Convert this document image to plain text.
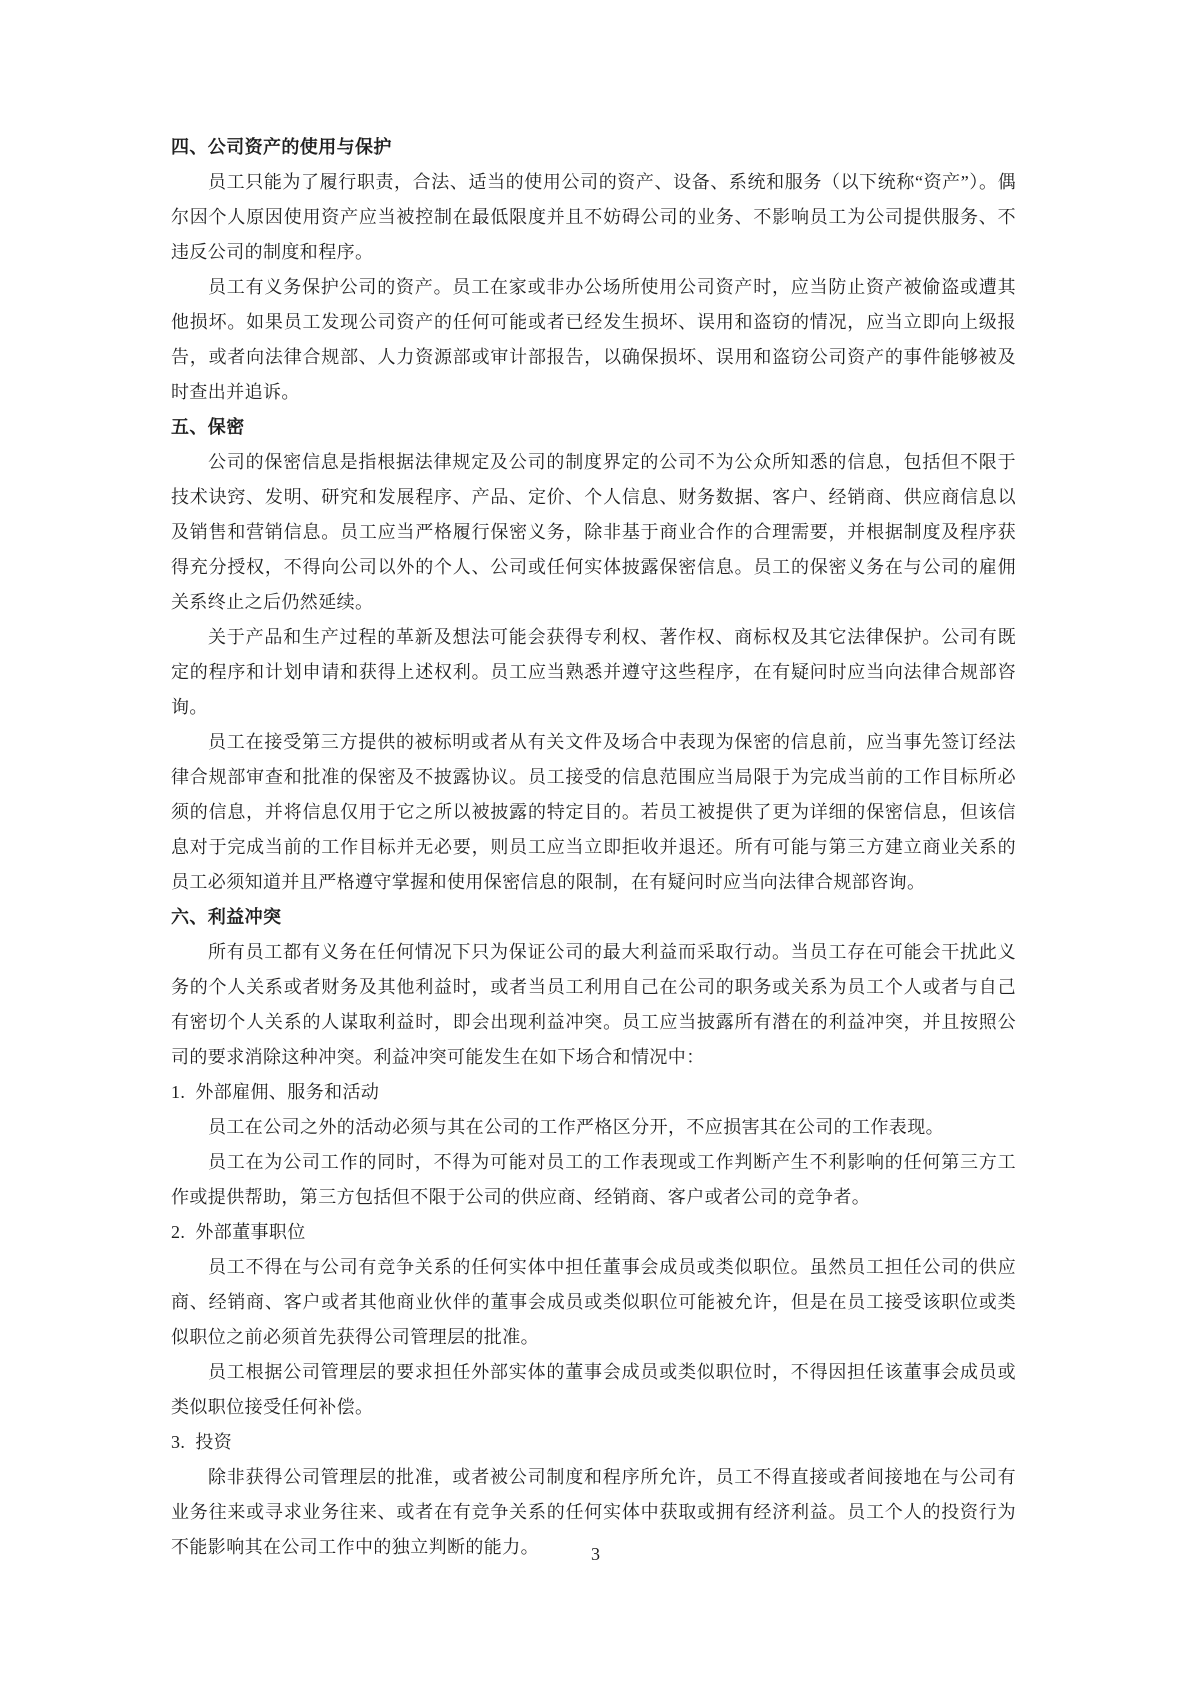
四、公司资产的使用与保护
员工只能为了履行职责，合法、适当的使用公司的资产、设备、系统和服务（以下统称“资产”）。偶尔因个人原因使用资产应当被控制在最低限度并且不妨碍公司的业务、不影响员工为公司提供服务、不违反公司的制度和程序。
员工有义务保护公司的资产。员工在家或非办公场所使用公司资产时，应当防止资产被偷盗或遭其他损坏。如果员工发现公司资产的任何可能或者已经发生损坏、误用和盗窃的情况，应当立即向上级报告，或者向法律合规部、人力资源部或审计部报告，以确保损坏、误用和盗窃公司资产的事件能够被及时查出并追诉。
五、保密
公司的保密信息是指根据法律规定及公司的制度界定的公司不为公众所知悉的信息，包括但不限于技术诀窍、发明、研究和发展程序、产品、定价、个人信息、财务数据、客户、经销商、供应商信息以及销售和营销信息。员工应当严格履行保密义务，除非基于商业合作的合理需要，并根据制度及程序获得充分授权，不得向公司以外的个人、公司或任何实体披露保密信息。员工的保密义务在与公司的雇佣关系终止之后仍然延续。
关于产品和生产过程的革新及想法可能会获得专利权、著作权、商标权及其它法律保护。公司有既定的程序和计划申请和获得上述权利。员工应当熟悉并遵守这些程序，在有疑问时应当向法律合规部咨询。
员工在接受第三方提供的被标明或者从有关文件及场合中表现为保密的信息前，应当事先签订经法律合规部审查和批准的保密及不披露协议。员工接受的信息范围应当局限于为完成当前的工作目标所必须的信息，并将信息仅用于它之所以被披露的特定目的。若员工被提供了更为详细的保密信息，但该信息对于完成当前的工作目标并无必要，则员工应当立即拒收并退还。所有可能与第三方建立商业关系的员工必须知道并且严格遵守掌握和使用保密信息的限制，在有疑问时应当向法律合规部咨询。
六、利益冲突
所有员工都有义务在任何情况下只为保证公司的最大利益而采取行动。当员工存在可能会干扰此义务的个人关系或者财务及其他利益时，或者当员工利用自己在公司的职务或关系为员工个人或者与自己有密切个人关系的人谋取利益时，即会出现利益冲突。员工应当披露所有潜在的利益冲突，并且按照公司的要求消除这种冲突。利益冲突可能发生在如下场合和情况中：
1. 外部雇佣、服务和活动
员工在公司之外的活动必须与其在公司的工作严格区分开，不应损害其在公司的工作表现。
员工在为公司工作的同时，不得为可能对员工的工作表现或工作判断产生不利影响的任何第三方工作或提供帮助，第三方包括但不限于公司的供应商、经销商、客户或者公司的竞争者。
2. 外部董事职位
员工不得在与公司有竞争关系的任何实体中担任董事会成员或类似职位。虽然员工担任公司的供应商、经销商、客户或者其他商业伙伴的董事会成员或类似职位可能被允许，但是在员工接受该职位或类似职位之前必须首先获得公司管理层的批准。
员工根据公司管理层的要求担任外部实体的董事会成员或类似职位时，不得因担任该董事会成员或类似职位接受任何补偿。
3. 投资
除非获得公司管理层的批准，或者被公司制度和程序所允许，员工不得直接或者间接地在与公司有业务往来或寻求业务往来、或者在有竞争关系的任何实体中获取或拥有经济利益。员工个人的投资行为不能影响其在公司工作中的独立判断的能力。	3
